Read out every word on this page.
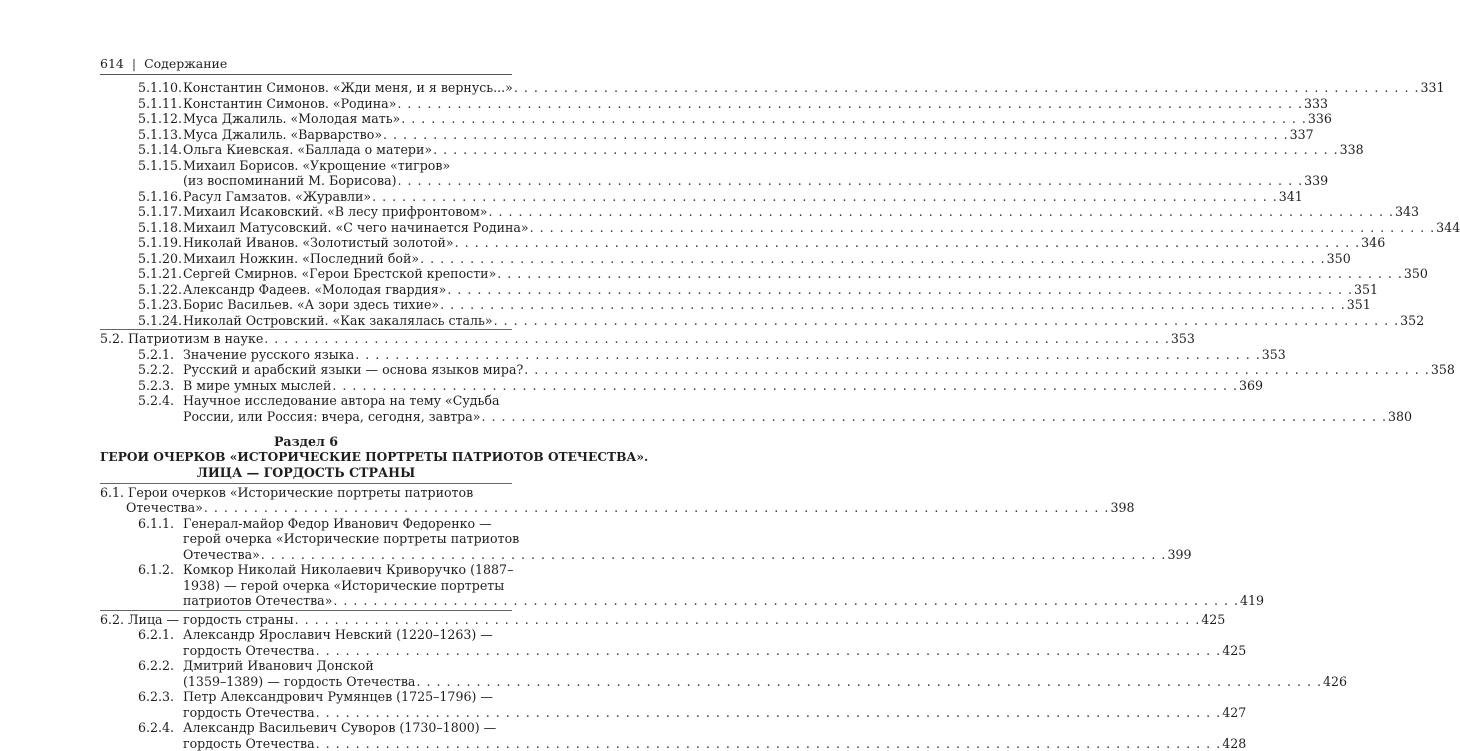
614 | Содержание
5.1.10. Константин Симонов. «Жди меня, и я вернусь...» . . .	331
5.1.11. Константин Симонов. «Родина» . . .	333
5.1.12. Муса Джалиль. «Молодая мать» . . .	336
5.1.13. Муса Джалиль. «Варварство» . . .	337
5.1.14. Ольга Киевская. «Баллада о матери» . . .	338
5.1.15. Михаил Борисов. «Укрощение «тигров»
(из воспоминаний М. Борисова) . . .	339
5.1.16. Расул Гамзатов. «Журавли» . . .	341
5.1.17. Михаил Исаковский. «В лесу прифронтовом» . . .	343
5.1.18. Михаил Матусовский. «С чего начинается Родина» . . .	344
5.1.19. Николай Иванов. «Золотистый золотой» . . .	346
5.1.20. Михаил Ножкин. «Последний бой» . . .	350
5.1.21. Сергей Смирнов. «Герои Брестской крепости» . . .	350
5.1.22. Александр Фадеев. «Молодая гвардия» . . .	351
5.1.23. Борис Васильев. «А зори здесь тихие» . . .	351
5.1.24. Николай Островский. «Как закалялась сталь» . . .	352
5.2. Патриотизм в науке . . .	353
5.2.1. Значение русского языка . . .	353
5.2.2. Русский и арабский языки — основа языков мира? . . .	358
5.2.3. В мире умных мыслей . . .	369
5.2.4. Научное исследование автора на тему «Судьба
России, или Россия: вчера, сегодня, завтра» . . .	380
Раздел 6
ГЕРОИ ОЧЕРКОВ «ИСТОРИЧЕСКИЕ ПОРТРЕТЫ ПАТРИОТОВ ОТЕЧЕСТВА».
ЛИЦА — ГОРДОСТЬ СТРАНЫ
6.1. Герои очерков «Исторические портреты патриотов
Отечества» . . .	398
6.1.1. Генерал-майор Федор Иванович Федоренко —
герой очерка «Исторические портреты патриотов
Отечества» . . .	399
6.1.2. Комкор Николай Николаевич Криворучко (1887–
1938) — герой очерка «Исторические портреты
патриотов Отечества» . . .	419
6.2. Лица — гордость страны . . .	425
6.2.1. Александр Ярославич Невский (1220–1263) —
гордость Отечества . . .	425
6.2.2. Дмитрий Иванович Донской
(1359–1389) — гордость Отечества . . .	426
6.2.3. Петр Александрович Румянцев (1725–1796) —
гордость Отечества . . .	427
6.2.4. Александр Васильевич Суворов (1730–1800) —
гордость Отечества . . .	428
